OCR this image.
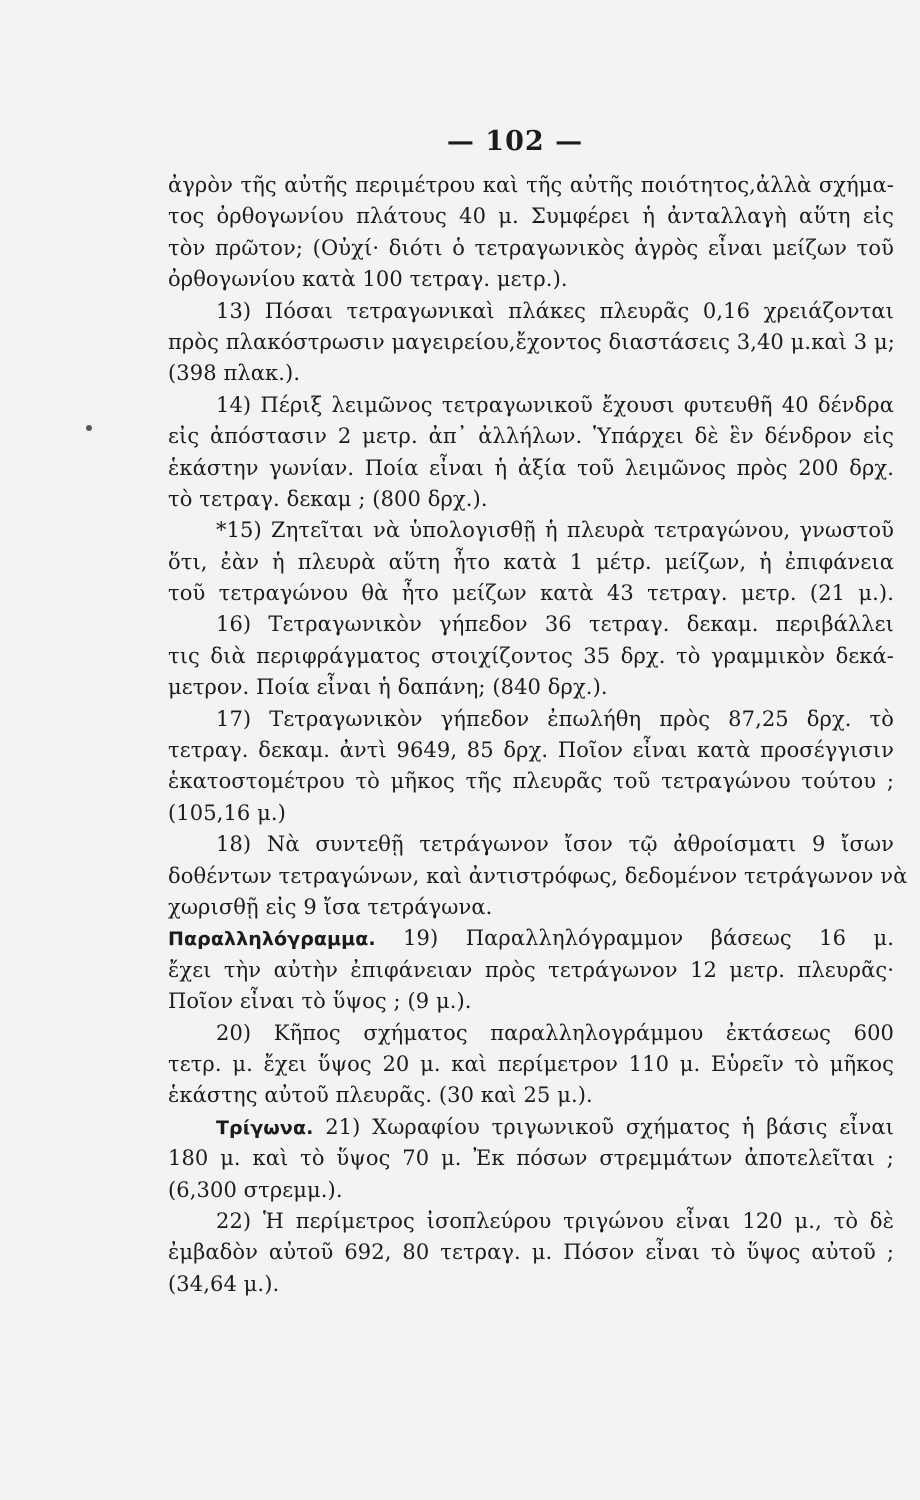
— 102 —
ἀγρὸν τῆς αὐτῆς περιμέτρου καὶ τῆς αὐτῆς ποιότητος,ἀλλὰ σχήμα-
τος ὀρθογωνίου πλάτους 40 μ. Συμφέρει ἡ ἀνταλλαγὴ αὕτη εἰς
τὸν πρῶτον; (Οὐχί· διότι ὁ τετραγωνικὸς ἀγρὸς εἶναι μείζων τοῦ
ὀρθογωνίου κατὰ 100 τετραγ. μετρ.).
13) Πόσαι τετραγωνικαὶ πλάκες πλευρᾶς 0,16 χρειάζονται
πρὸς πλακόστρωσιν μαγειρείου,ἔχοντος διαστάσεις 3,40 μ.καὶ 3 μ;
(398 πλακ.).
14) Πέριξ λειμῶνος τετραγωνικοῦ ἔχουσι φυτευθῆ 40 δένδρα
εἰς ἀπόστασιν 2 μετρ. ἀπ᾽ ἀλλήλων. Ὑπάρχει δὲ ἓν δένδρον εἰς
ἑκάστην γωνίαν. Ποία εἶναι ἡ ἀξία τοῦ λειμῶνος πρὸς 200 δρχ.
τὸ τετραγ. δεκαμ ; (800 δρχ.).
*15) Ζητεῖται νὰ ὑπολογισθῇ ἡ πλευρὰ τετραγώνου, γνωστοῦ
ὅτι, ἐὰν ἡ πλευρὰ αὕτη ἦτο κατὰ 1 μέτρ. μείζων, ἡ ἐπιφάνεια
τοῦ τετραγώνου θὰ ἦτο μείζων κατὰ 43 τετραγ. μετρ. (21 μ.).
16) Τετραγωνικὸν γήπεδον 36 τετραγ. δεκαμ. περιβάλλει
τις διὰ περιφράγματος στοιχίζοντος 35 δρχ. τὸ γραμμικὸν δεκά-
μετρον. Ποία εἶναι ἡ δαπάνη; (840 δρχ.).
17) Τετραγωνικὸν γήπεδον ἐπωλήθη πρὸς 87,25 δρχ. τὸ
τετραγ. δεκαμ. ἀντὶ 9649, 85 δρχ. Ποῖον εἶναι κατὰ προσέγγισιν
ἑκατοστομέτρου τὸ μῆκος τῆς πλευρᾶς τοῦ τετραγώνου τούτου ;
(105,16 μ.)
18) Νὰ συντεθῇ τετράγωνον ἴσον τῷ ἀθροίσματι 9 ἴσων
δοθέντων τετραγώνων, καὶ ἀντιστρόφως, δεδομένον τετράγωνον νὰ
χωρισθῇ εἰς 9 ἴσα τετράγωνα.
Παραλληλόγραμμα. 19) Παραλληλόγραμμον βάσεως 16 μ.
ἔχει τὴν αὐτὴν ἐπιφάνειαν πρὸς τετράγωνον 12 μετρ. πλευρᾶς·
Ποῖον εἶναι τὸ ὕψος ; (9 μ.).
20) Κῆπος σχήματος παραλληλογράμμου ἐκτάσεως 600
τετρ. μ. ἔχει ὕψος 20 μ. καὶ περίμετρον 110 μ. Εὑρεῖν τὸ μῆκος
ἑκάστης αὐτοῦ πλευρᾶς. (30 καὶ 25 μ.).
Τρίγωνα. 21) Χωραφίου τριγωνικοῦ σχήματος ἡ βάσις εἶναι
180 μ. καὶ τὸ ὕψος 70 μ. Ἐκ πόσων στρεμμάτων ἀποτελεῖται ;
(6,300 στρεμμ.).
22) Ἡ περίμετρος ἰσοπλεύρου τριγώνου εἶναι 120 μ., τὸ δὲ
ἐμβαδὸν αὐτοῦ 692, 80 τετραγ. μ. Πόσον εἶναι τὸ ὕψος αὐτοῦ ;
(34,64 μ.).
